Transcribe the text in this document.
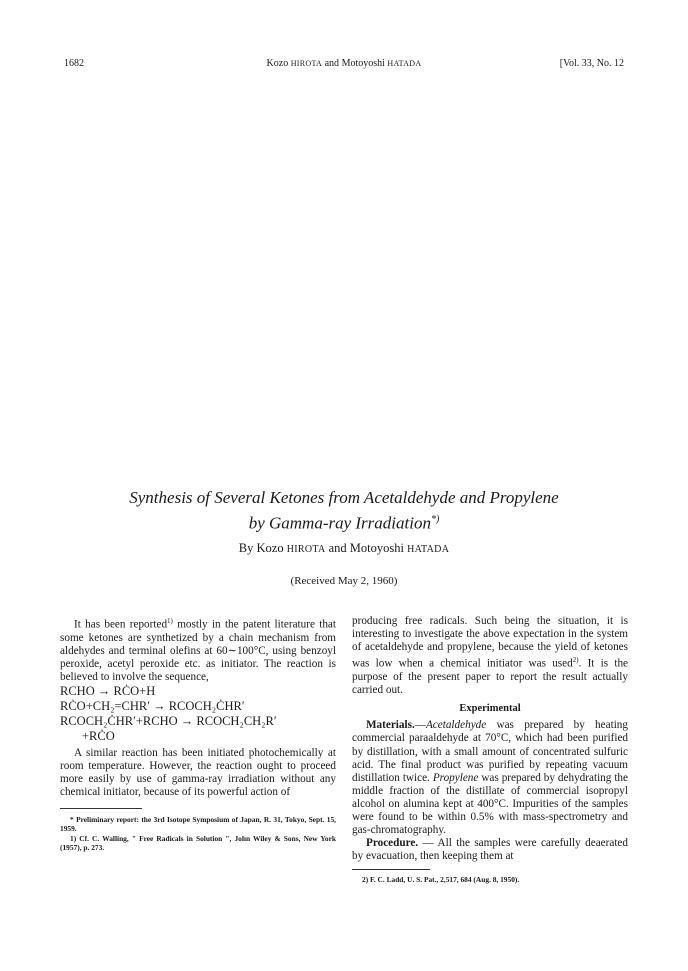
1682	Kozo HIROTA and Motoyoshi HATADA	[Vol. 33, No. 12
Synthesis of Several Ketones from Acetaldehyde and Propylene
by Gamma-ray Irradiation*)
By Kozo HIROTA and Motoyoshi HATADA
(Received May 2, 1960)

It has been reported$^{1)}$ mostly in the patent literature that some ketones are synthetized by a chain mechanism from aldehydes and terminal olefins at 60∼100°C, using benzoyl peroxide, acetyl peroxide etc. as initiator. The reaction is believed to involve the sequence,

RCHO → RĊO+H

RĊO+CH₂=CHR′ → RCOCH₂ĊHR′

RCOCH₂ĊHR′+RCHO → RCOCH₂CH₂R′

+RĊO

A similar reaction has been initiated photochemically at room temperature. However, the reaction ought to proceed more easily by use of gamma-ray irradiation without any chemical initiator, because of its powerful action of

* Preliminary report: the 3rd Isotope Symposium of Japan, R. 31, Tokyo, Sept. 15, 1959.

1) Cf. C. Walling, " Free Radicals in Solution ", John Wiley & Sons, New York (1957), p. 273.

producing free radicals. Such being the situation, it is interesting to investigate the above expectation in the system of acetaldehyde and propylene, because the yield of ketones was low when a chemical initiator was used$^{2)}$. It is the purpose of the present paper to report the result actually carried out.

Experimental

Materials.—Acetaldehyde was prepared by heating commercial paraaldehyde at 70°C, which had been purified by distillation, with a small amount of concentrated sulfuric acid. The final product was purified by repeating vacuum distillation twice. Propylene was prepared by dehydrating the middle fraction of the distillate of commercial isopropyl alcohol on alumina kept at 400°C. Impurities of the samples were found to be within 0.5% with mass-spectrometry and gas-chromatography.

Procedure. — All the samples were carefully deaerated by evacuation, then keeping them at

2) F. C. Ladd, U. S. Pat., 2,517, 684 (Aug. 8, 1950).
